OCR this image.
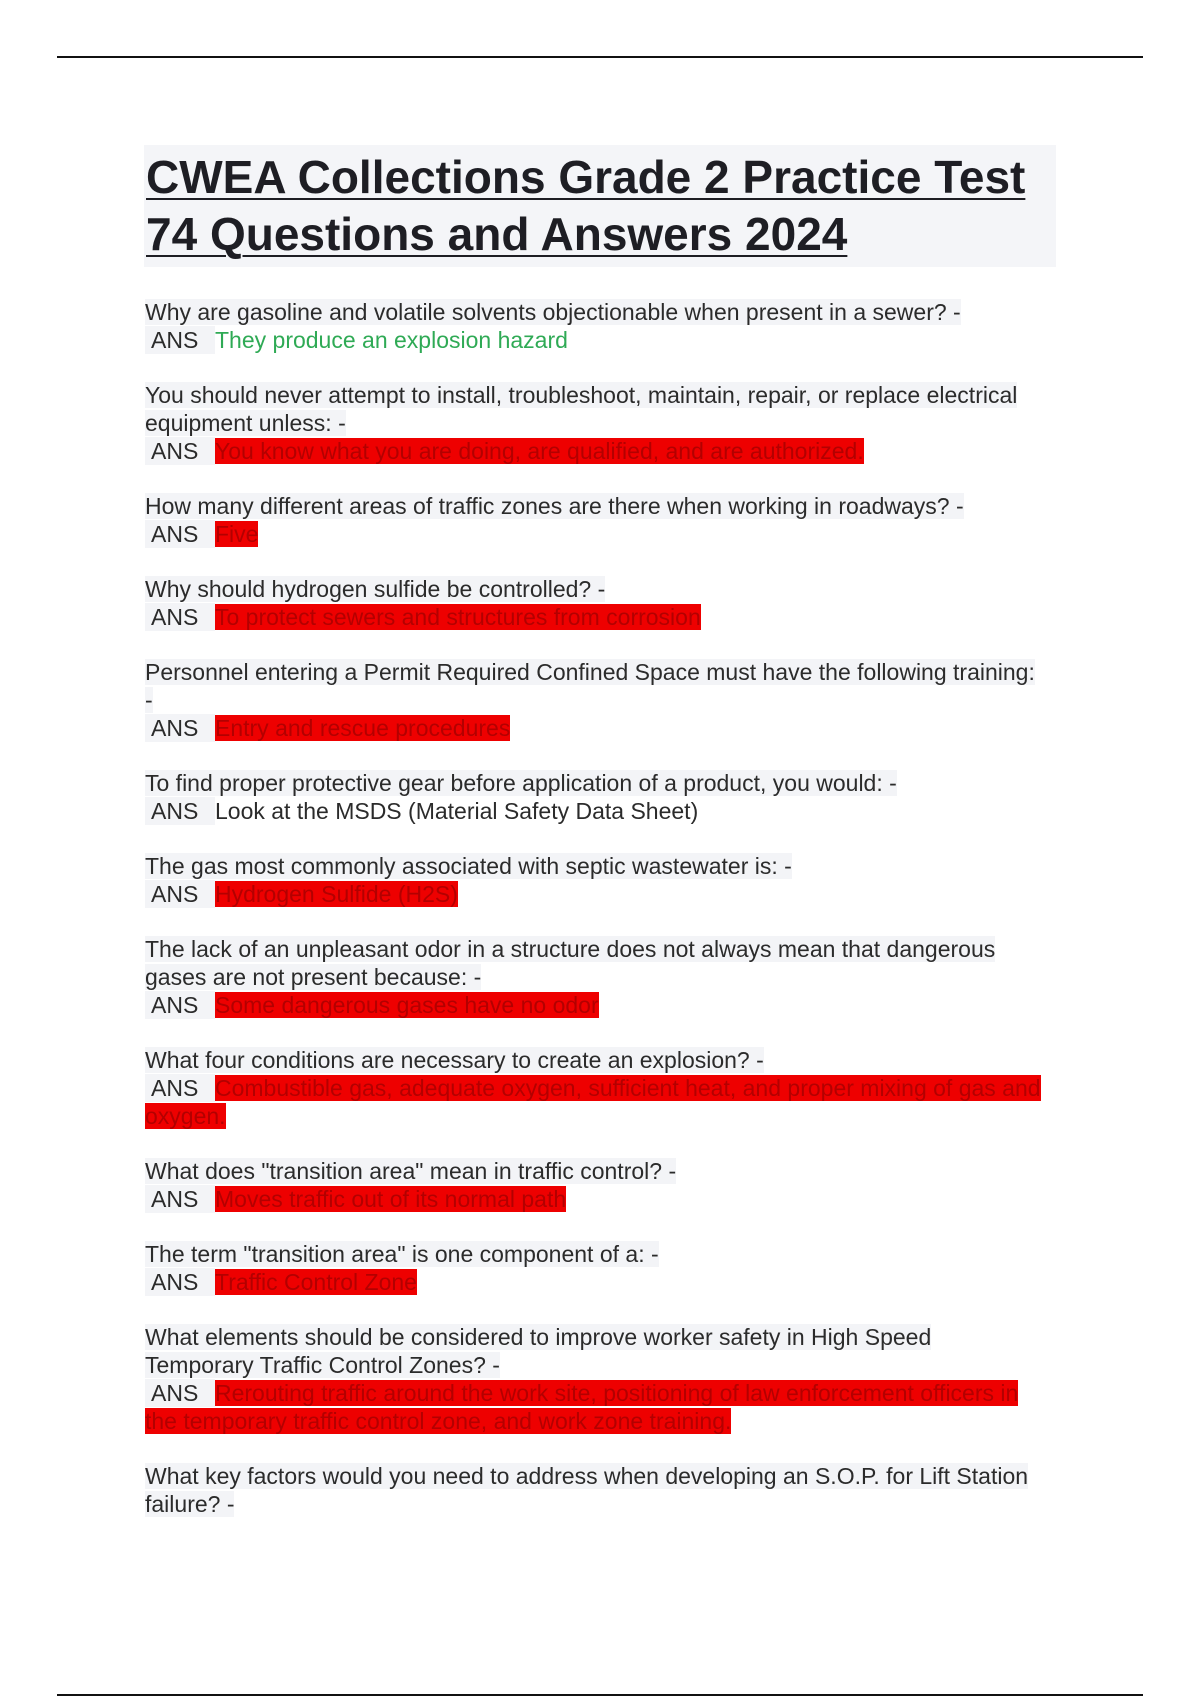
CWEA Collections Grade 2 Practice Test 74 Questions and Answers 2024
Why are gasoline and volatile solvents objectionable when present in a sewer? -
ANS They produce an explosion hazard
You should never attempt to install, troubleshoot, maintain, repair, or replace electrical equipment unless: -
ANS You know what you are doing, are qualified, and are authorized.
How many different areas of traffic zones are there when working in roadways? -
ANS Five
Why should hydrogen sulfide be controlled? -
ANS To protect sewers and structures from corrosion
Personnel entering a Permit Required Confined Space must have the following training: -
ANS Entry and rescue procedures
To find proper protective gear before application of a product, you would: -
ANS Look at the MSDS (Material Safety Data Sheet)
The gas most commonly associated with septic wastewater is: -
ANS Hydrogen Sulfide (H2S)
The lack of an unpleasant odor in a structure does not always mean that dangerous gases are not present because: -
ANS Some dangerous gases have no odor
What four conditions are necessary to create an explosion? -
ANS Combustible gas, adequate oxygen, sufficient heat, and proper mixing of gas and oxygen.
What does "transition area" mean in traffic control? -
ANS Moves traffic out of its normal path
The term "transition area" is one component of a: -
ANS Traffic Control Zone
What elements should be considered to improve worker safety in High Speed Temporary Traffic Control Zones? -
ANS Rerouting traffic around the work site, positioning of law enforcement officers in the temporary traffic control zone, and work zone training.
What key factors would you need to address when developing an S.O.P. for Lift Station failure? -
